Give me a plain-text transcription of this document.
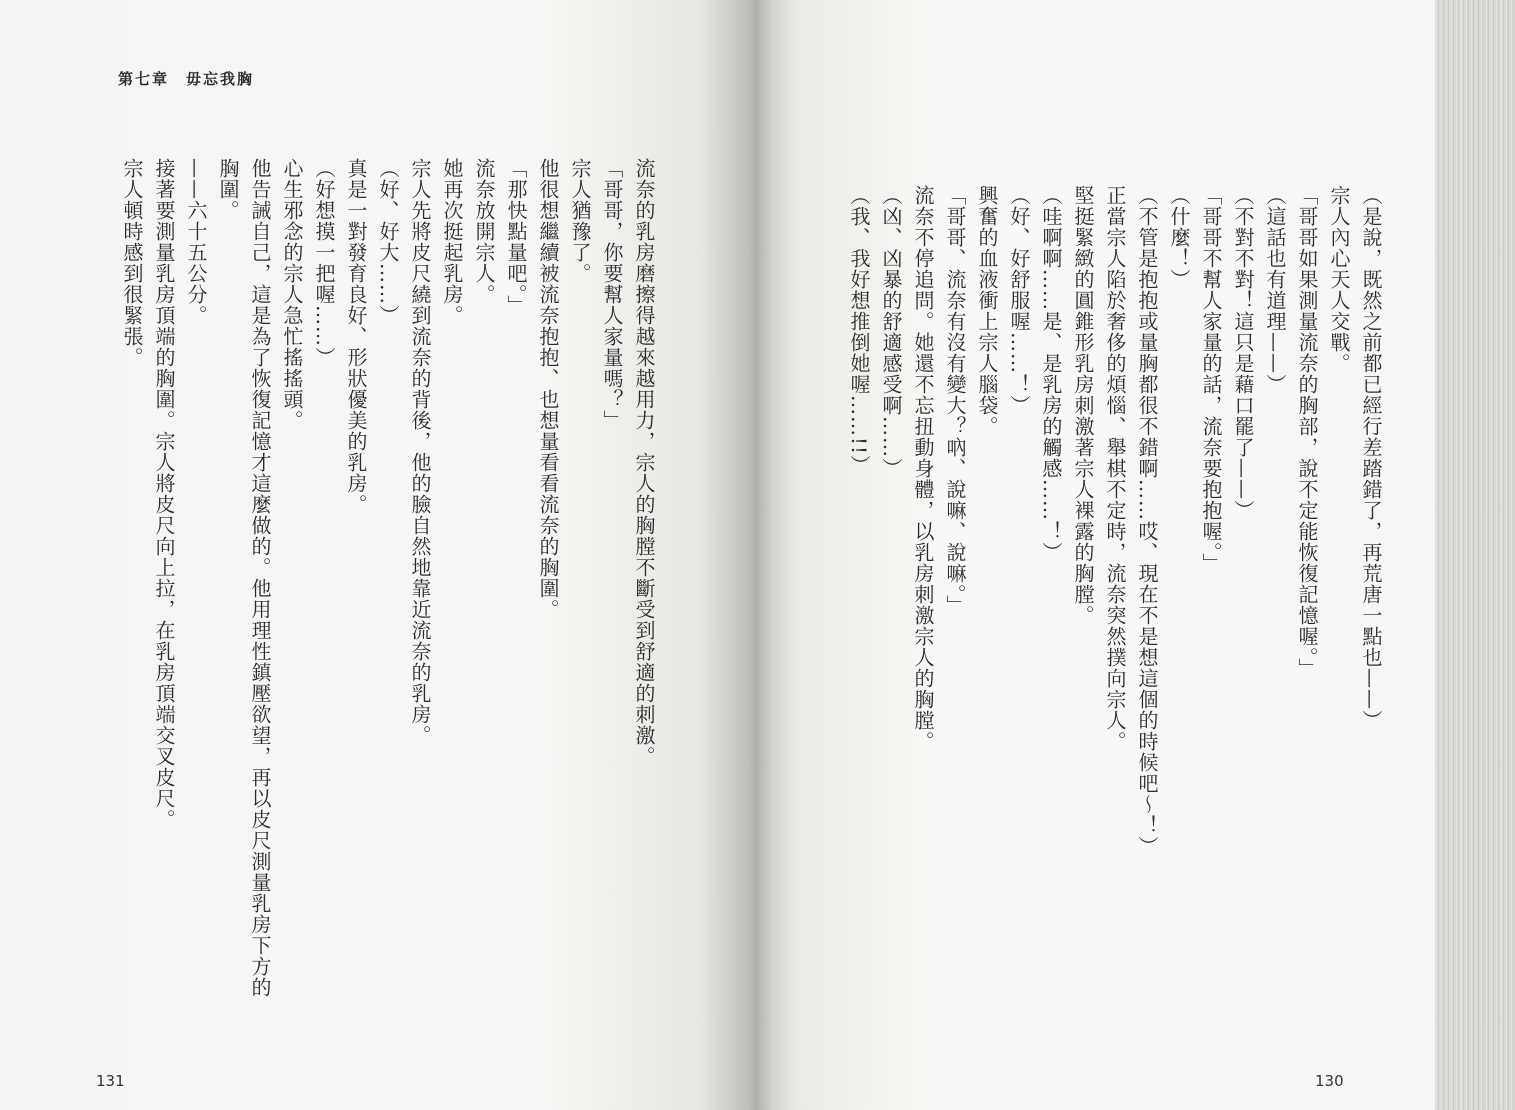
第七章　毋忘我胸
流奈的乳房磨擦得越來越用力，宗人的胸膛不斷受到舒適的刺激。
「哥哥，你要幫人家量嗎？」
宗人猶豫了。
他很想繼續被流奈抱抱、也想量看看流奈的胸圍。
「那快點量吧。」
流奈放開宗人。
她再次挺起乳房。
宗人先將皮尺繞到流奈的背後，他的臉自然地靠近流奈的乳房。
（好、好大……）
真是一對發育良好、形狀優美的乳房。
（好想摸一把喔……）
心生邪念的宗人急忙搖搖頭。
他告誡自己，這是為了恢復記憶才這麼做的。他用理性鎮壓欲望，再以皮尺測量乳房下方的
胸圍。
——六十五公分。
接著要測量乳房頂端的胸圍。宗人將皮尺向上拉，在乳房頂端交叉皮尺。
宗人頓時感到很緊張。
131
（是說，既然之前都已經行差踏錯了，再荒唐一點也——）
宗人內心天人交戰。
「哥哥如果測量流奈的胸部，說不定能恢復記憶喔。」
（這話也有道理——）
（不對不對！這只是藉口罷了——）
「哥哥不幫人家量的話，流奈要抱抱喔。」
（什麼！）
（不管是抱抱或量胸都很不錯啊……哎、現在不是想這個的時候吧～！）
正當宗人陷於奢侈的煩惱、舉棋不定時，流奈突然撲向宗人。
堅挺緊緻的圓錐形乳房刺激著宗人裸露的胸膛。
（哇啊啊……是、是乳房的觸感……！）
（好、好舒服喔……！）
興奮的血液衝上宗人腦袋。
「哥哥、流奈有沒有變大？吶、說嘛、說嘛。」
流奈不停追問。她還不忘扭動身體，以乳房刺激宗人的胸膛。
（凶、凶暴的舒適感受啊……）
（我、我好想推倒她喔……!!）
130
